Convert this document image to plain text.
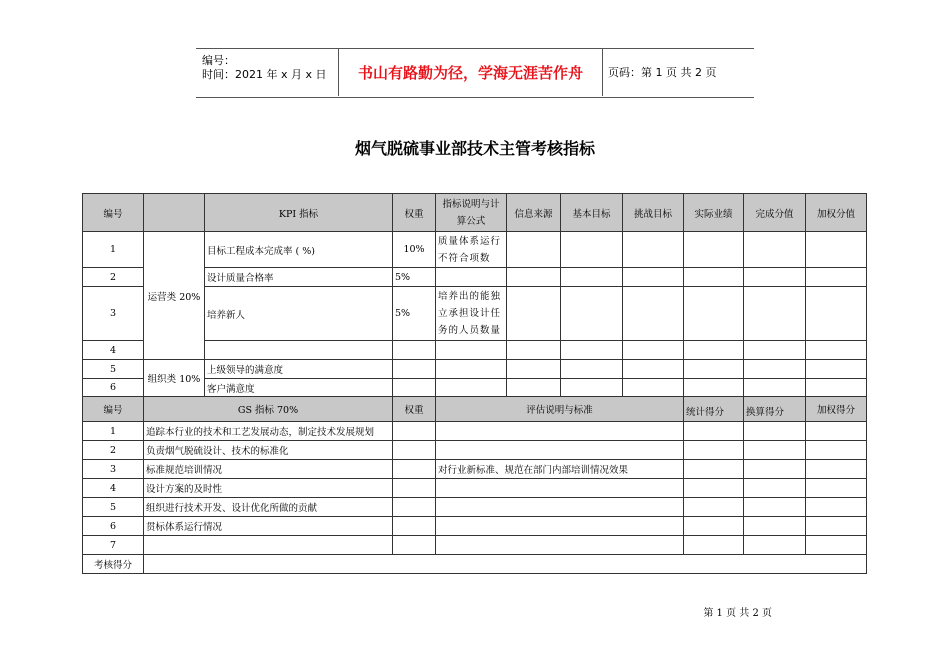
编号：
时间：2021 年 x 月 x 日	书山有路勤为径，学海无涯苦作舟	页码：第 1 页 共 2 页
烟气脱硫事业部技术主管考核指标
编号		KPI 指标	权重	指标说明与计算公式	信息来源	基本目标	挑战目标	实际业绩	完成分值	加权分值
1	运营类 20%	目标工程成本完成率 ( %)	10%	质量体系运行不符合项数						
2		设计质量合格率	5%							
3		培养新人	5%	培养出的能独立承担设计任务的人员数量						
4										
5	组织类 10%	上级领导的满意度								
6		客户满意度								
编号	GS 指标 70%		权重	评估说明与标准				统计得分	换算得分	加权得分
1	追踪本行业的技术和工艺发展动态，制定技术发展规划									
2	负责烟气脱硫设计、技术的标准化									
3	标准规范培训情况			对行业新标准、规范在部门内部培训情况效果						
4	设计方案的及时性									
5	组织进行技术开发、设计优化所做的贡献									
6	贯标体系运行情况									
7										
考核得分										
第 1 页 共 2 页
